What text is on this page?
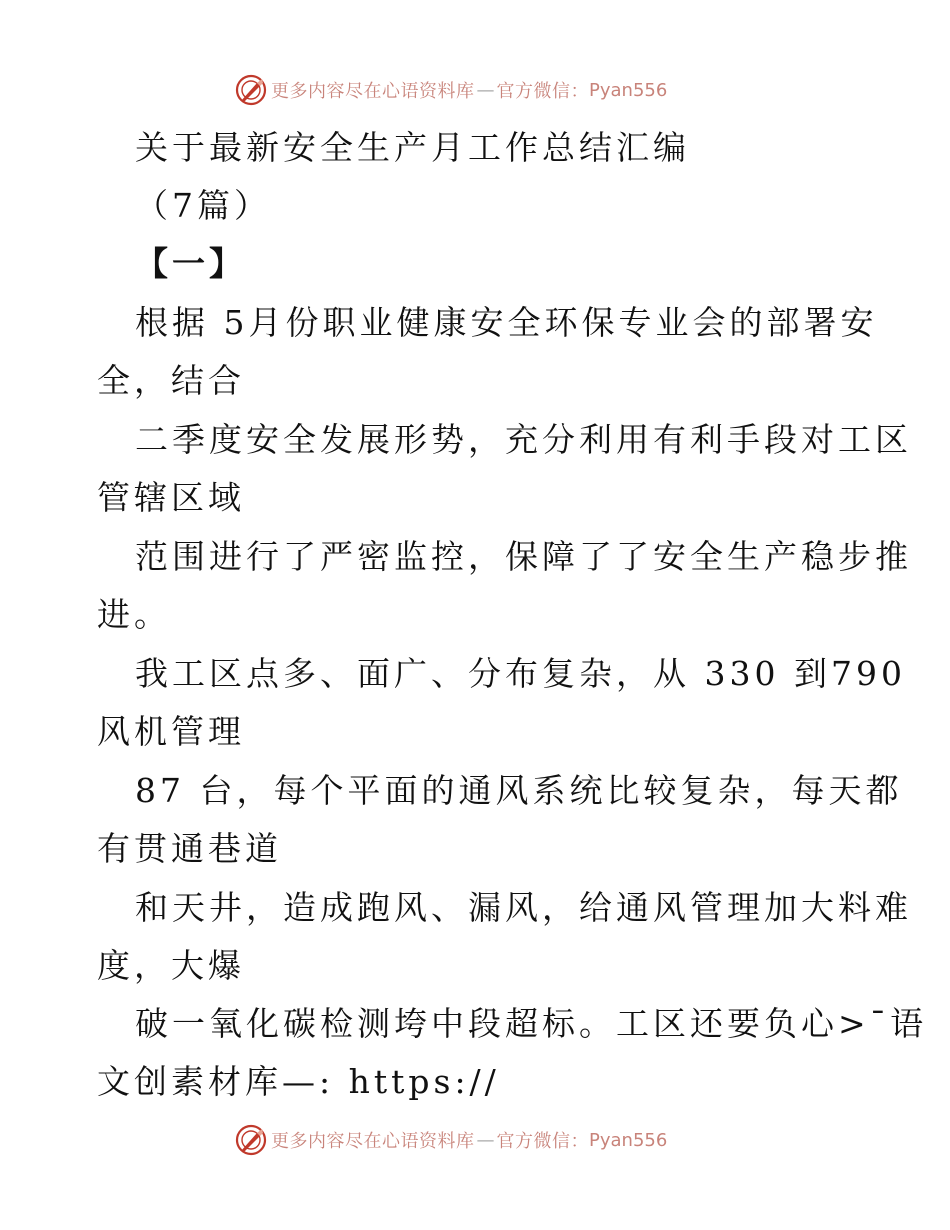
更多内容尽在心语资料库 — 官方微信： Pyan556
关于最新安全生产月工作总结汇编
（7篇）
【一】
根据 5月份职业健康安全环保专业会的部署安
全，结合
二季度安全发展形势，充分利用有利手段对工区
管辖区域
范围进行了严密监控，保障了了安全生产稳步推
进。
我工区点多、面广、分布复杂，从 330 到790
风机管理
87 台，每个平面的通风系统比较复杂，每天都
有贯通巷道
和天井，造成跑风、漏风，给通风管理加大料难
度，大爆
破一氧化碳检测垮中段超标。工区还要负心>¯语
文创素材库—: https://
更多内容尽在心语资料库 — 官方微信： Pyan556
